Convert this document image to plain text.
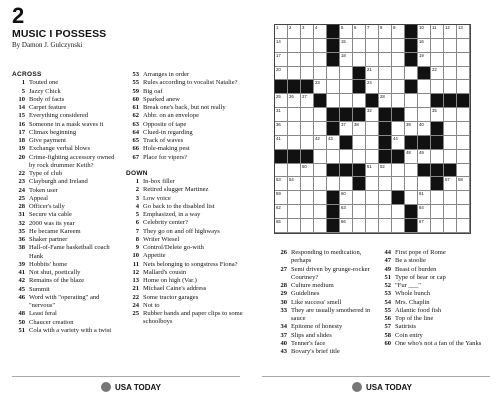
2
MUSIC I POSSESS
By Damon J. Gulczynski
USA TODAY	USA TODAY
ACROSS
1 Touted one
5 Jazzy Chick
10 Body of facts
14 Carpet feature
15 Everything considered
16 Someone in a mask waves it
17 Climax beginning
18 Give payment
19 Exchange verbal blows
20 Crime-fighting accessory owned by rock drummer Keith?
22 Type of club
23 Clayburgh and Ireland
24 Token user
25 Appeal
28 Officer's tally
31 Secure via cable
32 2000 was its year
35 He became Kareem
36 Shaker partner
38 Hall-of-Fame basketball coach Hank
39 Hobbits' home
41 Not shut, poetically
42 Remains of the blaze
45 Summit
46 Word with "operating" and "nervous"
48 Least feral
50 Chaucer creation
51 Cola with a variety with a twist
53 Arranges in order
55 Rules according to vocalist Natalie?
59 Big oaf
60 Sparked anew
61 Break one's back, but not really
62 Abbr. on an envelope
63 Opposite of tape
64 Clued-in regarding
65 Track of waves
66 Hole-making pest
67 Place for vipers?
DOWN
1 In-box filler
2 Retired slugger Martinez
3 Low voice
4 Go back to the disabled list
5 Emphasized, in a way
6 Celebrity center?
7 They go on and off highways
8 Writer Wiesel
9 Control/Delete go-with
10 Appetite
11 Nets belonging to songstress Fiona?
12 Mallard's cousin
13 Home on high (Var.)
21 Michael Caine's address
22 Some tractor garages
24 Not to
25 Rubber bands and paper clips to some schoolboys
26 Responding to medication, perhaps
27 Semi driven by grunge-rocker Courtney?
28 Culture medium
29 Guidelines
30 Like success' smell
33 They are usually smothered in sauce
34 Epitome of honesty
37 Slips and slides
40 Tenner's face
43 Bovary's brief title
44 First pope of Rome
47 Be a stoolie
49 Beast of burden
51 Type of bear or cap
52 "Fur ___"
53 Whole bunch
54 Mrs. Chaplin
55 Atlantic food fish
56 Top of the line
57 Satirists
58 Coin entry
60 One who's not a fan of the Yanks
1 2 3 4	5 6 7 8 9	10 11 12 13
14	15	16
17	18	19
20	21	22
23	24
25 26 27	28
31	32	35
36	37 38	39 40
41	42 43	44
48 49
50	51 52
53 54	57 58
59	60	61
62	63	64
65	66	67
